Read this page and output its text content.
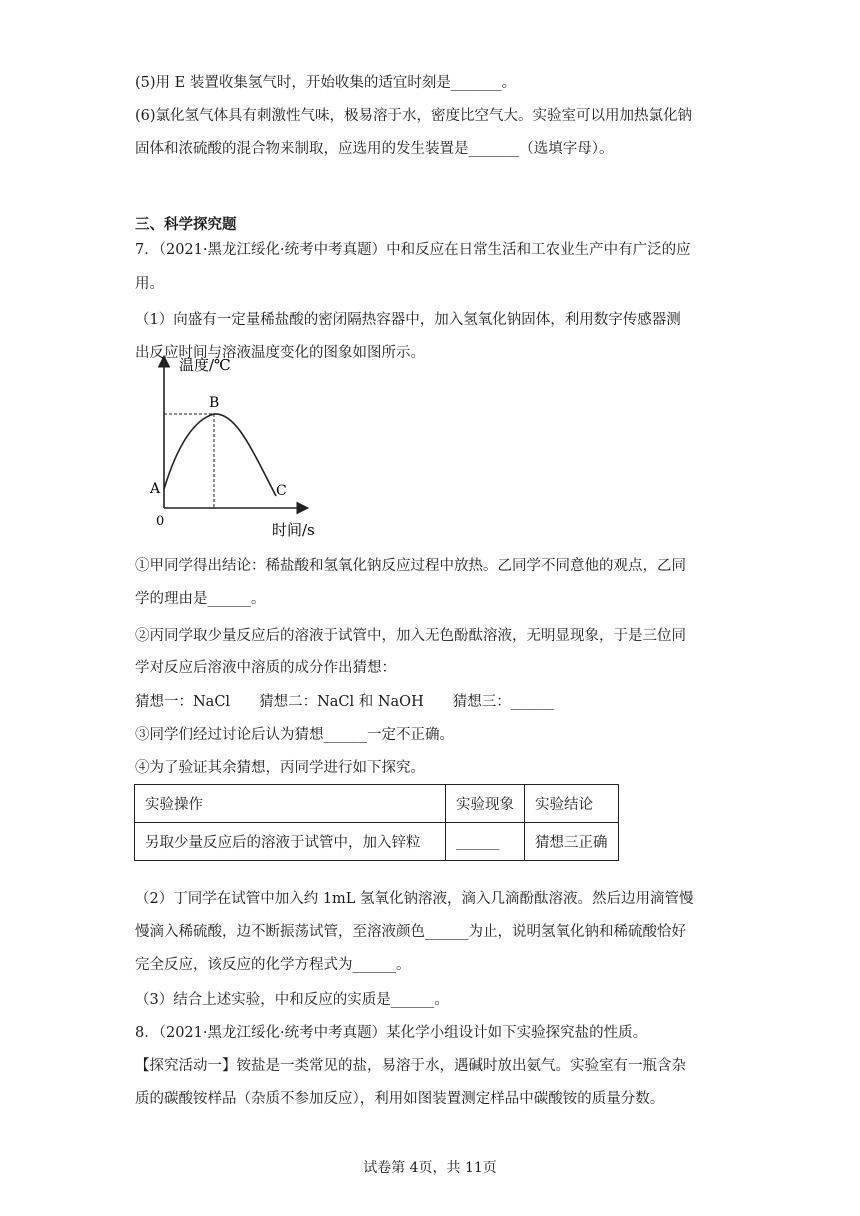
(5)用 E 装置收集氢气时，开始收集的适宜时刻是_______。
(6)氯化氢气体具有刺激性气味，极易溶于水，密度比空气大。实验室可以用加热氯化钠
固体和浓硫酸的混合物来制取，应选用的发生装置是_______（选填字母）。
三、科学探究题
7．（2021·黑龙江绥化·统考中考真题）中和反应在日常生活和工农业生产中有广泛的应
用。
（1）向盛有一定量稀盐酸的密闭隔热容器中，加入氢氧化钠固体，利用数字传感器测
出反应时间与溶液温度变化的图象如图所示。
温度/℃
时间/s
0
A
B
C
①甲同学得出结论：稀盐酸和氢氧化钠反应过程中放热。乙同学不同意他的观点，乙同
学的理由是______。
②丙同学取少量反应后的溶液于试管中，加入无色酚酞溶液，无明显现象，于是三位同
学对反应后溶液中溶质的成分作出猜想：
猜想一：NaCl　　猜想二：NaCl 和 NaOH　　猜想三：______
③同学们经过讨论后认为猜想______一定不正确。
④为了验证其余猜想，丙同学进行如下探究。
实验操作	实验现象	实验结论
另取少量反应后的溶液于试管中，加入锌粒	______	猜想三正确
（2）丁同学在试管中加入约 1mL 氢氧化钠溶液，滴入几滴酚酞溶液。然后边用滴管慢
慢滴入稀硫酸，边不断振荡试管，至溶液颜色______为止，说明氢氧化钠和稀硫酸恰好
完全反应，该反应的化学方程式为______。
（3）结合上述实验，中和反应的实质是______。
8．（2021·黑龙江绥化·统考中考真题）某化学小组设计如下实验探究盐的性质。
【探究活动一】铵盐是一类常见的盐，易溶于水，遇碱时放出氨气。实验室有一瓶含杂
质的碳酸铵样品（杂质不参加反应），利用如图装置测定样品中碳酸铵的质量分数。
试卷第 4页，共 11页
